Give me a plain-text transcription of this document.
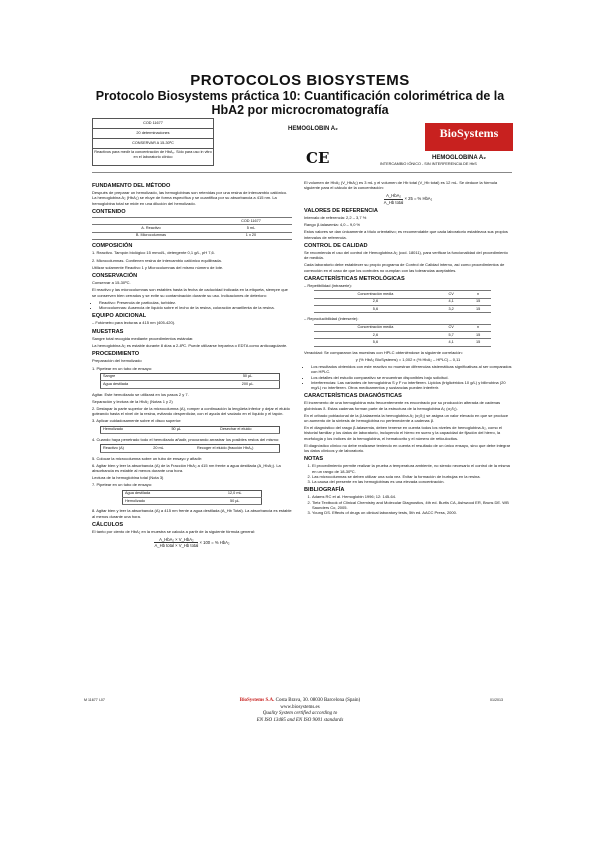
PROTOCOLOS BIOSYSTEMS
Protocolo Biosystems práctica 10: Cuantificación colorimétrica de la HbA2 por microcromatografía
COD 11677
20 determinaciones
CONSERVAR A 15-30ºC
Reactivos para medir la concentración de HbA₂. Sólo para uso in vitro en el laboratorio clínico
HEMOGLOBIN A₂
CE
BioSystems
HEMOGLOBINA A₂
INTERCAMBIO IÓNICO - SIN INTERFERENCIA DE HbS
FUNDAMENTO DEL MÉTODO

Después de preparar un hemolizado, las hemoglobinas son retenidas por una resina de intercambio catiónico. La hemoglobina A₂ (HbA₂) se eluye de forma específica y se cuantifica por su absorbancia a 415 nm. La hemoglobina total se mide en una dilución del hemolizado.

CONTENIDO
	COD 11677
A. Reactivo	5 mL
B. Microcolumnas	1 x 20
COMPOSICIÓN

1. Reactivo. Tampón biológico 15 mmol/L, detergente 0,1 g/L, pH 7,6.

2. Microcolumnas. Contienen resina de intercambio catiónico equilibrada.

Utilizar solamente Reactivo 1 y Microcolumnas del mismo número de lote.

CONSERVACIÓN

Conservar a 15-30ºC.

El reactivo y las microcolumnas son estables hasta la fecha de caducidad indicada en la etiqueta, siempre que se conserven bien cerrados y se evite su contaminación durante su uso. Indicaciones de deterioro:

• Reactivo: Presencia de partículas, turbidez.
• Microcolumnas: Ausencia de líquido sobre el lecho de la resina, coloración amarillenta de la resina.
EQUIPO ADICIONAL

– Fotómetro para lecturas a 415 nm (405-420).

MUESTRAS

Sangre total recogida mediante procedimientos estándar.

La hemoglobina A₂ es estable durante 8 días a 2-8ºC. Puede utilizarse heparina o EDTA como anticoagulante.

PROCEDIMIENTO

Preparación del hemolizado

1. Pipetear en un tubo de ensayo:

Sangre	50 µL
Agua destilada	200 µL

Agitar. Este hemolizado se utilizará en los pasos 2 y 7.

Separación y lectura de la HbA₂ (Notas 1 y 2)

2. Destapar la parte superior de la microcolumna (A), romper a continuación la lengüeta inferior y dejar el eluido goteando hasta el nivel de la resina, evitando desperdiciar, con el ayuda del vaciado en el líquido y el tapón.

3. Aplicar cuidadosamente sobre el disco superior:

Hemolizado	50 µL	Desechar el eluido

4. Cuando haya penetrado todo el hemolizado añadir, procurando arrastrar los posibles restos del mismo:

Reactivo (A)	20 mL	Recoger el eluido (fracción HbA₂)

5. Colocar la microcolumna sobre un tubo de ensayo y añadir:

6. Agitar bien y leer la absorbancia (A) de la Fracción HbA₂ a 415 nm frente a agua destilada (A_HbA₂). La absorbancia es estable al menos durante una hora.

Lectura de la hemoglobina total (Nota 3)

7. Pipetear en un tubo de ensayo:

Agua destilada	12,0 mL
Hemolizado	50 µL

8. Agitar bien y leer la absorbancia (A) a 415 nm frente a agua destilada (A_Hb Total). La absorbancia es estable al menos durante una hora.

CÁLCULOS

El tanto por ciento de HbA₂ en la muestra se calcula a partir de la siguiente fórmula general:

$\frac{\text{A\_HbA₂ × V\_HbA₂}}{\text{A\_Hb total × V\_Hb total}} \times 100$ = % HbA₂

El volumen de HbA₂ (V_HbA₂) es 3 mL y el volumen de Hb total (V_Hb total) es 12 mL. Se deduce la fórmula siguiente para el cálculo de la concentración:

$\frac{\text{A\_HbA₂}}{\text{A\_Hb total}} \times 25$ = % HbA₂
VALORES DE REFERENCIA

Intervalo de referencia: 2,2 – 3,7 %

Rango β-talasemia: 4,0 – 9,0 %

Estos valores se dan únicamente a título orientativo; es recomendable que cada laboratorio establezca sus propios intervalos de referencia.

CONTROL DE CALIDAD

Se recomienda el uso del control de Hemoglobina A₂ (cod. 18011), para verificar la funcionalidad del procedimiento de medida.

Cada laboratorio debe establecer su propio programa de Control de Calidad interno, así como procedimientos de corrección en el caso de que los controles no cumplan con las tolerancias aceptables.

CARACTERÍSTICAS METROLÓGICAS

– Repetibilidad (intraserie):

Concentración media	CV	n
2,6	4,1	15
5,6	3,2	15

– Reproducibilidad (interserie):

Concentración media	CV	n
2,6	5,7	15
5,6	4,1	15

Veracidad: Se compararon las muestras con HPLC obteniéndose la siguiente correlación:

y (% HbA₂ BioSystems) = 1,002 x (% HbA₂ – HPLC) – 0,11

• Los resultados obtenidos con este reactivo no muestran diferencias sistemáticas significativas al ser comparados con HPLC.
• Los detalles del estudio comparativo se encuentran disponibles bajo solicitud.
• Interferencias: Las variantes de hemoglobina S y F no interfieren. Lípidos (triglicéridos 10 g/L) y bilirrubina (20 mg/L) no interfieren. Otros medicamentos y sustancias pueden interferir.
CARACTERÍSTICAS DIAGNÓSTICAS

El incremento de una hemoglobina más frecuentemente es encontrado por su producción alterada de cadenas globínicas δ. Estas cadenas forman parte de la estructura de la hemoglobina A₂ (α₂δ₂).

En el cribado poblacional de la β-talasemia la hemoglobina A₂ (α₂δ₂) se asigna un valor elevado en que se produce un aumento de la síntesis de hemoglobina no perteneciente a cadenas β.

En el diagnóstico del rasgo β-talasemia, deben tenerse en cuenta todos los niveles de hemoglobina A₂, como el historial familiar y los datos de laboratorio, incluyendo el hierro en suero y la capacidad de fijación del hierro, la morfología y los índices de la hemoglobina, el hematocrito y el número de reticulocitos.

El diagnóstico clínico no debe realizarse teniendo en cuenta el resultado de un único ensayo, sino que debe integrar los datos clínicos y de laboratorio.

NOTAS
1. El procedimiento permite realizar la prueba a temperatura ambiente, no siendo necesario el control de la misma en un rango de 18-30ºC.
2. Las microcolumnas se deben utilizar una sola vez. Evitar la formación de burbujas en la resina.
3. La causa del presente en las hemoglobinas es una elevada concentración.
BIBLIOGRAFÍA
1. Adams RC et al. Hemoglobin 1996; 12: 145-64.
2. Tietz Textbook of Clinical Chemistry and Molecular Diagnostics, 4th ed. Burtis CA, Ashwood ER, Bruns DE. WB Saunders Co, 2005.
3. Young DS. Effects of drugs on clinical laboratory tests, 5th ed. AACC Press, 2000.
M 11677 I-07	01/2013
BioSystems S.A. Costa Brava, 30. 08030 Barcelona (Spain)
www.biosystems.es
Quality System certified according to
EN ISO 13485 and EN ISO 9001 standards
